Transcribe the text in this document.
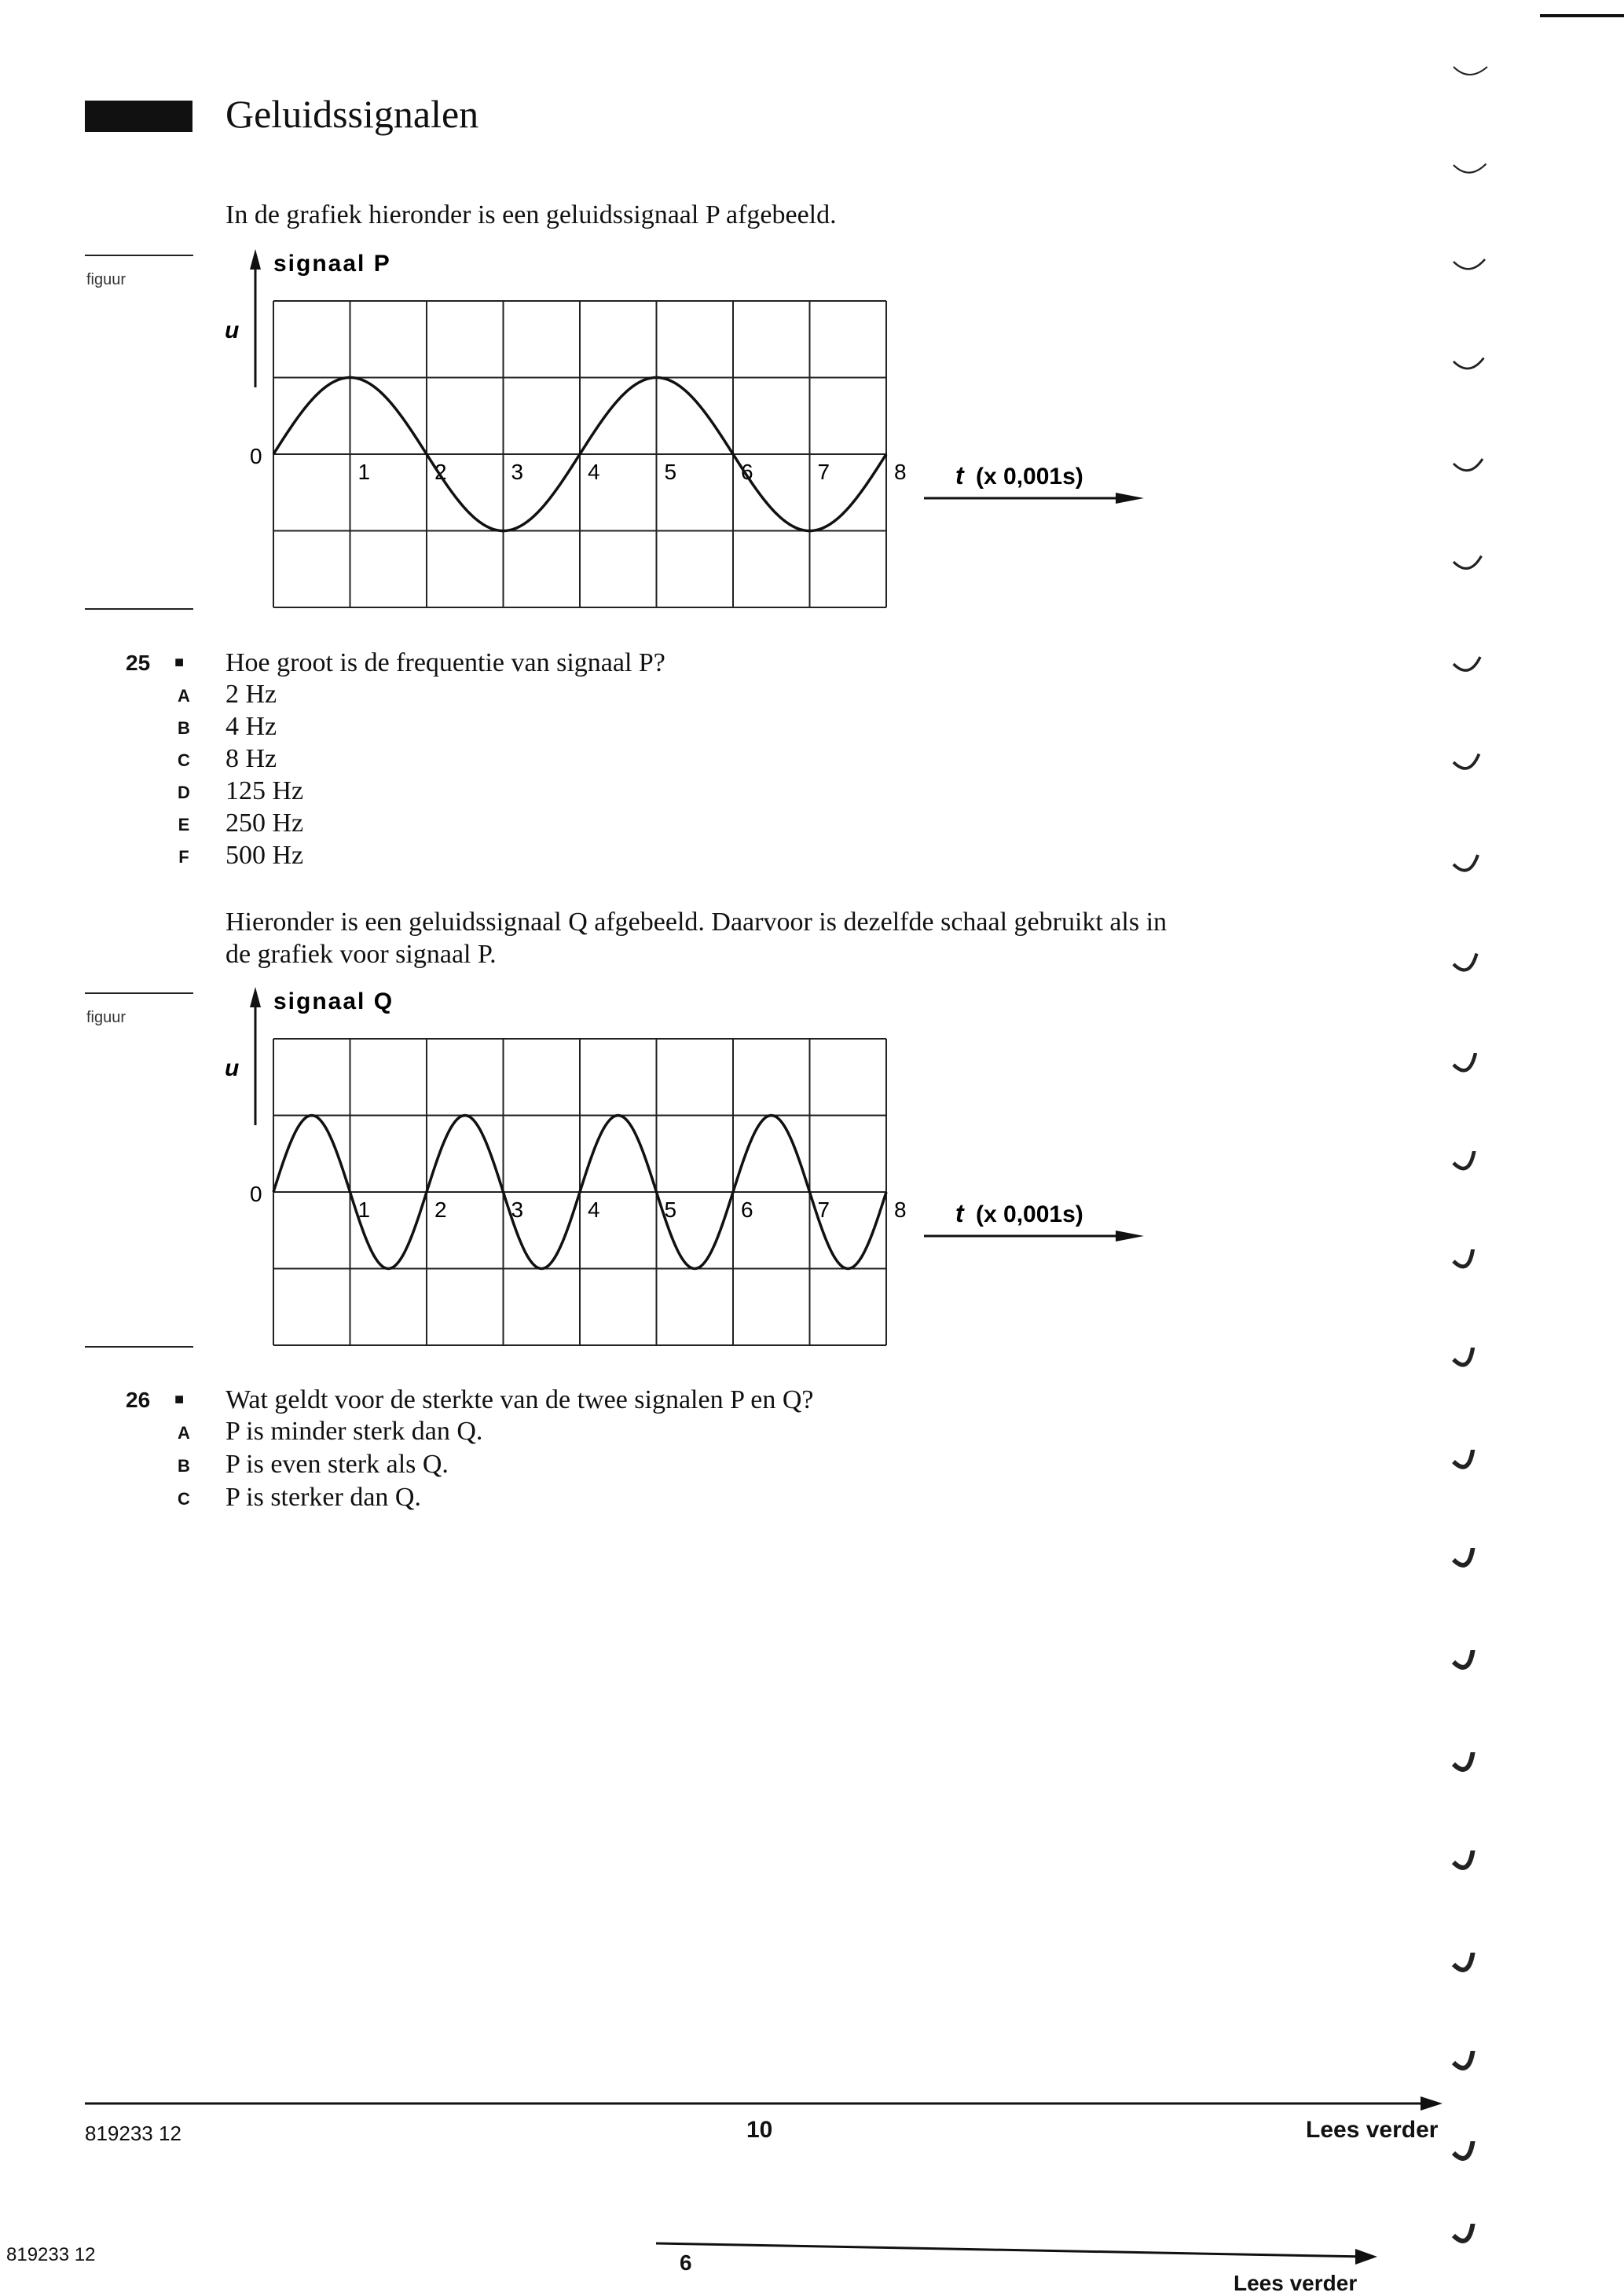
Geluidssignalen
In de grafiek hieronder is een geluidssignaal P afgebeeld.
figuur
signaal P
u
0
1	2	3	4	5	6	7	8 t (x 0,001s)
25 ■ Hoe groot is de frequentie van signaal P?
A 2 Hz
B 4 Hz
C 8 Hz
D 125 Hz
E 250 Hz
F 500 Hz
Hieronder is een geluidssignaal Q afgebeeld. Daarvoor is dezelfde schaal gebruikt als in
de grafiek voor signaal P.
figuur
signaal Q
u
0
1	2	3	4	5	6	7	8 t (x 0,001s)
26 ■ Wat geldt voor de sterkte van de twee signalen P en Q?
A P is minder sterk dan Q.
B P is even sterk als Q.
C P is sterker dan Q.
819233 12	10	Lees verder
819233 12	6
Lees verder
